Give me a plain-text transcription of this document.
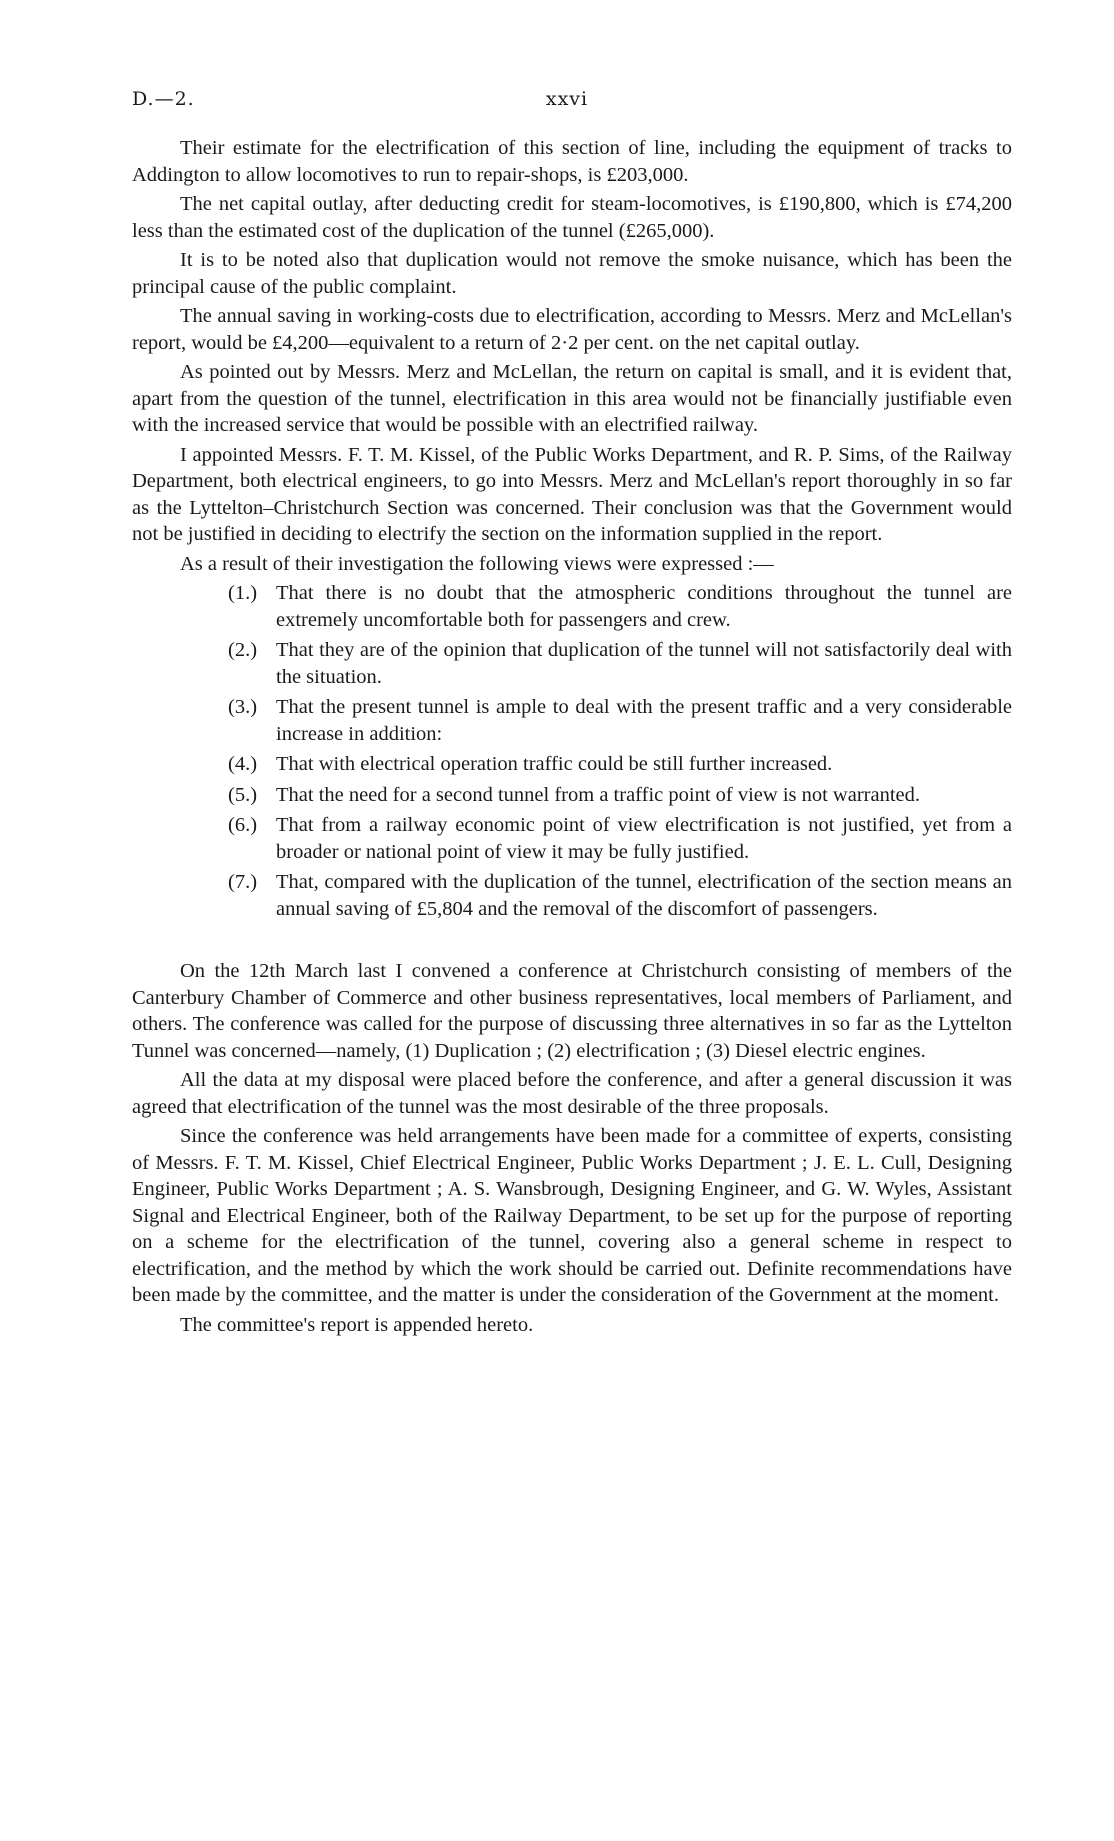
D.—2.	xxvi

Their estimate for the electrification of this section of line, including the equipment of tracks to Addington to allow locomotives to run to repair-shops, is £203,000.

The net capital outlay, after deducting credit for steam-locomotives, is £190,800, which is £74,200 less than the estimated cost of the duplication of the tunnel (£265,000).

It is to be noted also that duplication would not remove the smoke nuisance, which has been the principal cause of the public complaint.

The annual saving in working-costs due to electrification, according to Messrs. Merz and McLellan's report, would be £4,200—equivalent to a return of 2·2 per cent. on the net capital outlay.

As pointed out by Messrs. Merz and McLellan, the return on capital is small, and it is evident that, apart from the question of the tunnel, electrification in this area would not be financially justifiable even with the increased service that would be possible with an electrified railway.

I appointed Messrs. F. T. M. Kissel, of the Public Works Department, and R. P. Sims, of the Railway Department, both electrical engineers, to go into Messrs. Merz and McLellan's report thoroughly in so far as the Lyttelton–Christchurch Section was concerned. Their conclusion was that the Government would not be justified in deciding to electrify the section on the information supplied in the report.

As a result of their investigation the following views were expressed :—

(1.) That there is no doubt that the atmospheric conditions throughout the tunnel are extremely uncomfortable both for passengers and crew.
(2.) That they are of the opinion that duplication of the tunnel will not satisfactorily deal with the situation.
(3.) That the present tunnel is ample to deal with the present traffic and a very considerable increase in addition:
(4.) That with electrical operation traffic could be still further increased.
(5.) That the need for a second tunnel from a traffic point of view is not warranted.
(6.) That from a railway economic point of view electrification is not justified, yet from a broader or national point of view it may be fully justified.
(7.) That, compared with the duplication of the tunnel, electrification of the section means an annual saving of £5,804 and the removal of the discomfort of passengers.

On the 12th March last I convened a conference at Christchurch consisting of members of the Canterbury Chamber of Commerce and other business representatives, local members of Parliament, and others. The conference was called for the purpose of discussing three alternatives in so far as the Lyttelton Tunnel was concerned—namely, (1) Duplication ; (2) electrification ; (3) Diesel electric engines.

All the data at my disposal were placed before the conference, and after a general discussion it was agreed that electrification of the tunnel was the most desirable of the three proposals.

Since the conference was held arrangements have been made for a committee of experts, consisting of Messrs. F. T. M. Kissel, Chief Electrical Engineer, Public Works Department ; J. E. L. Cull, Designing Engineer, Public Works Department ; A. S. Wansbrough, Designing Engineer, and G. W. Wyles, Assistant Signal and Electrical Engineer, both of the Railway Department, to be set up for the purpose of reporting on a scheme for the electrification of the tunnel, covering also a general scheme in respect to electrification, and the method by which the work should be carried out. Definite recommendations have been made by the committee, and the matter is under the consideration of the Government at the moment.

The committee's report is appended hereto.
